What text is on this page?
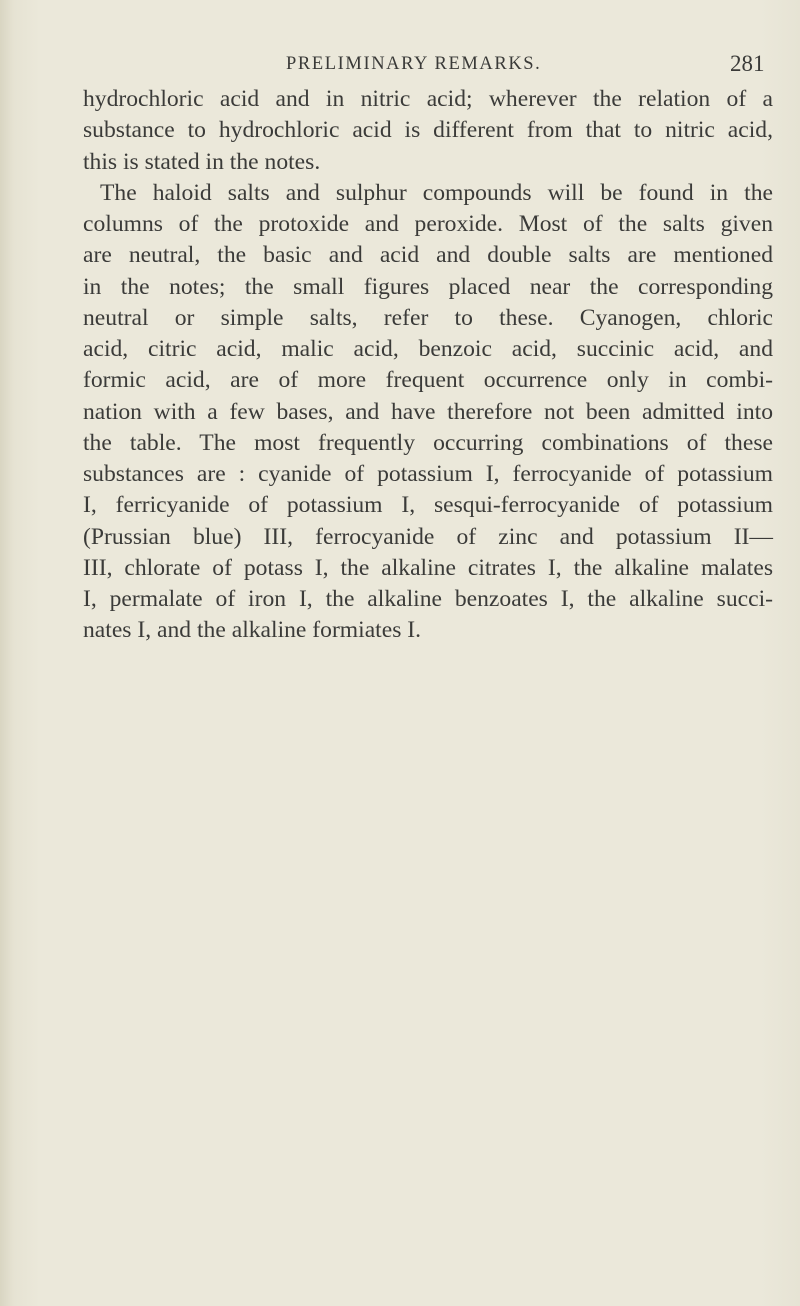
PRELIMINARY REMARKS.	281
hydrochloric acid and in nitric acid; wherever the relation of a
substance to hydrochloric acid is different from that to nitric acid,
this is stated in the notes.
The haloid salts and sulphur compounds will be found in the
columns of the protoxide and peroxide. Most of the salts given
are neutral, the basic and acid and double salts are mentioned
in the notes; the small figures placed near the corresponding
neutral or simple salts, refer to these. Cyanogen, chloric
acid, citric acid, malic acid, benzoic acid, succinic acid, and
formic acid, are of more frequent occurrence only in combi-
nation with a few bases, and have therefore not been admitted into
the table. The most frequently occurring combinations of these
substances are : cyanide of potassium I, ferrocyanide of potassium
I, ferricyanide of potassium I, sesqui-ferrocyanide of potassium
(Prussian blue) III, ferrocyanide of zinc and potassium II—
III, chlorate of potass I, the alkaline citrates I, the alkaline malates
I, permalate of iron I, the alkaline benzoates I, the alkaline succi-
nates I, and the alkaline formiates I.
